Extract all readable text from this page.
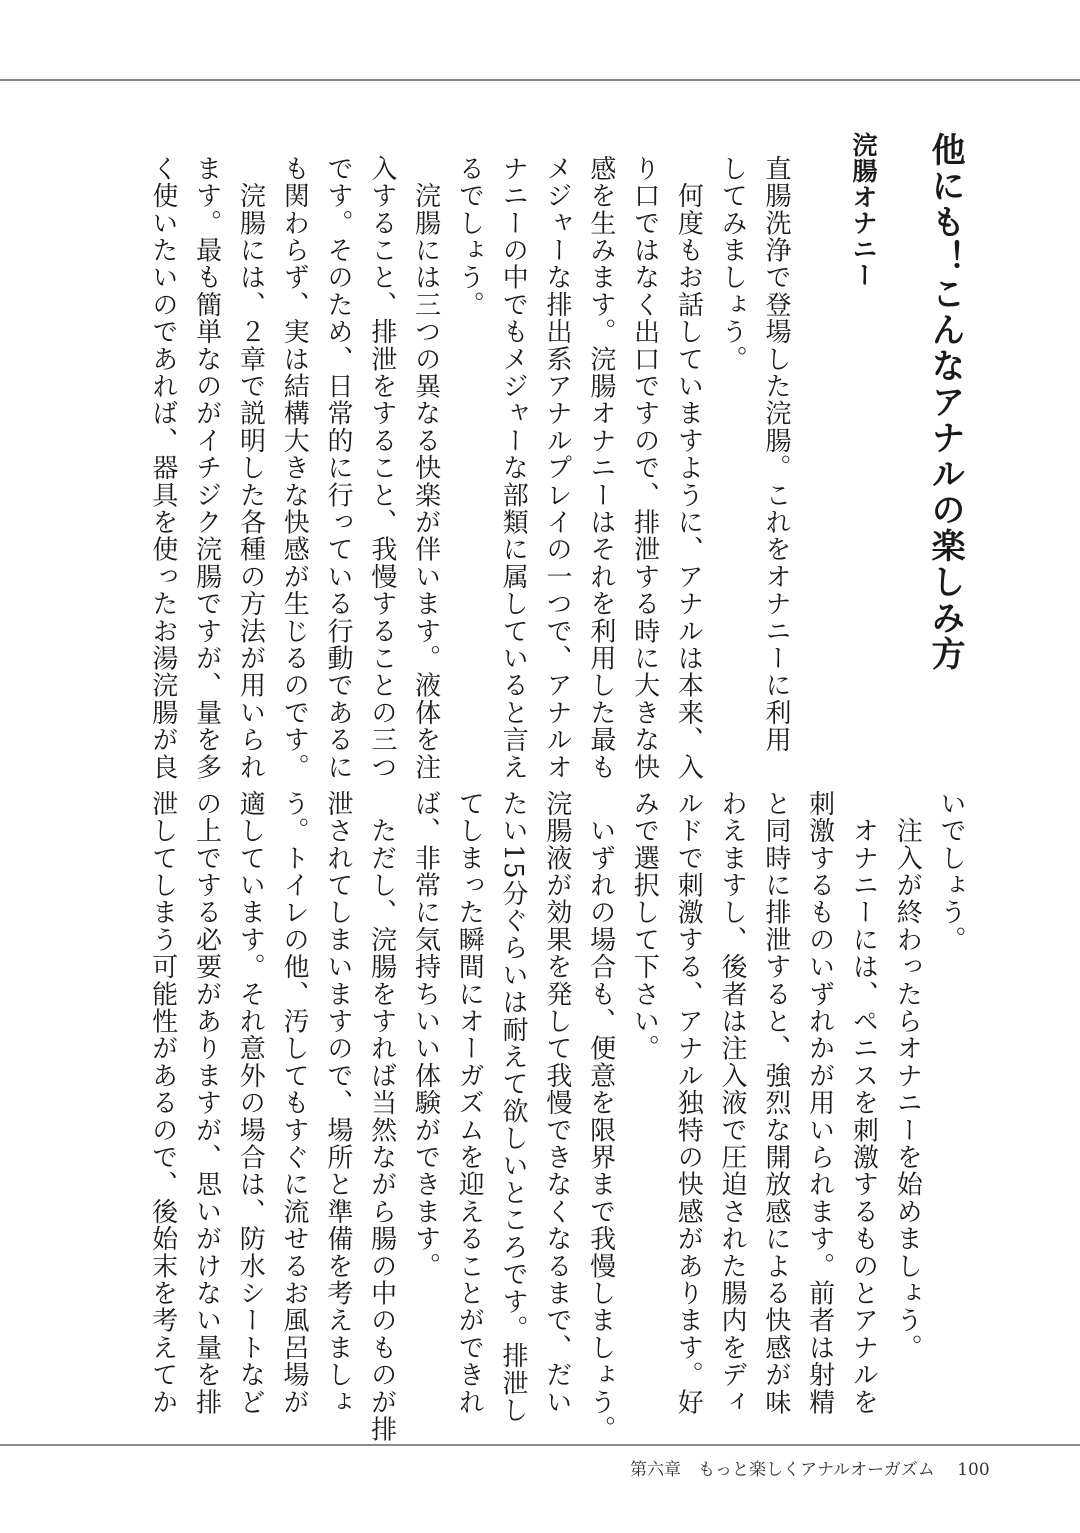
他にも！こんなアナルの楽しみ方
浣腸オナニー
直腸洗浄で登場した浣腸。これをオナニーに利用
してみましょう。
　何度もお話していますように、アナルは本来、入
り口ではなく出口ですので、排泄する時に大きな快
感を生みます。浣腸オナニーはそれを利用した最も
メジャーな排出系アナルプレイの一つで、アナルオ
ナニーの中でもメジャーな部類に属していると言え
るでしょう。
　浣腸には三つの異なる快楽が伴います。液体を注
入すること、排泄をすること、我慢することの三つ
です。そのため、日常的に行っている行動であるに
も関わらず、実は結構大きな快感が生じるのです。
　浣腸には、２章で説明した各種の方法が用いられ
ます。最も簡単なのがイチジク浣腸ですが、量を多
く使いたいのであれば、器具を使ったお湯浣腸が良
いでしょう。
　注入が終わったらオナニーを始めましょう。
　オナニーには、ペニスを刺激するものとアナルを
刺激するものいずれかが用いられます。前者は射精
と同時に排泄すると、強烈な開放感による快感が味
わえますし、後者は注入液で圧迫された腸内をディ
ルドで刺激する、アナル独特の快感があります。好
みで選択して下さい。
　いずれの場合も、便意を限界まで我慢しましょう。
浣腸液が効果を発して我慢できなくなるまで、だい
たい15分ぐらいは耐えて欲しいところです。排泄し
てしまった瞬間にオーガズムを迎えることができれ
ば、非常に気持ちいい体験ができます。
　ただし、浣腸をすれば当然ながら腸の中のものが排
泄されてしまいますので、場所と準備を考えましょ
う。トイレの他、汚してもすぐに流せるお風呂場が
適しています。それ意外の場合は、防水シートなど
の上でする必要がありますが、思いがけない量を排
泄してしまう可能性があるので、後始末を考えてか
第六章　 もっと楽しくアナルオーガズム　 100
